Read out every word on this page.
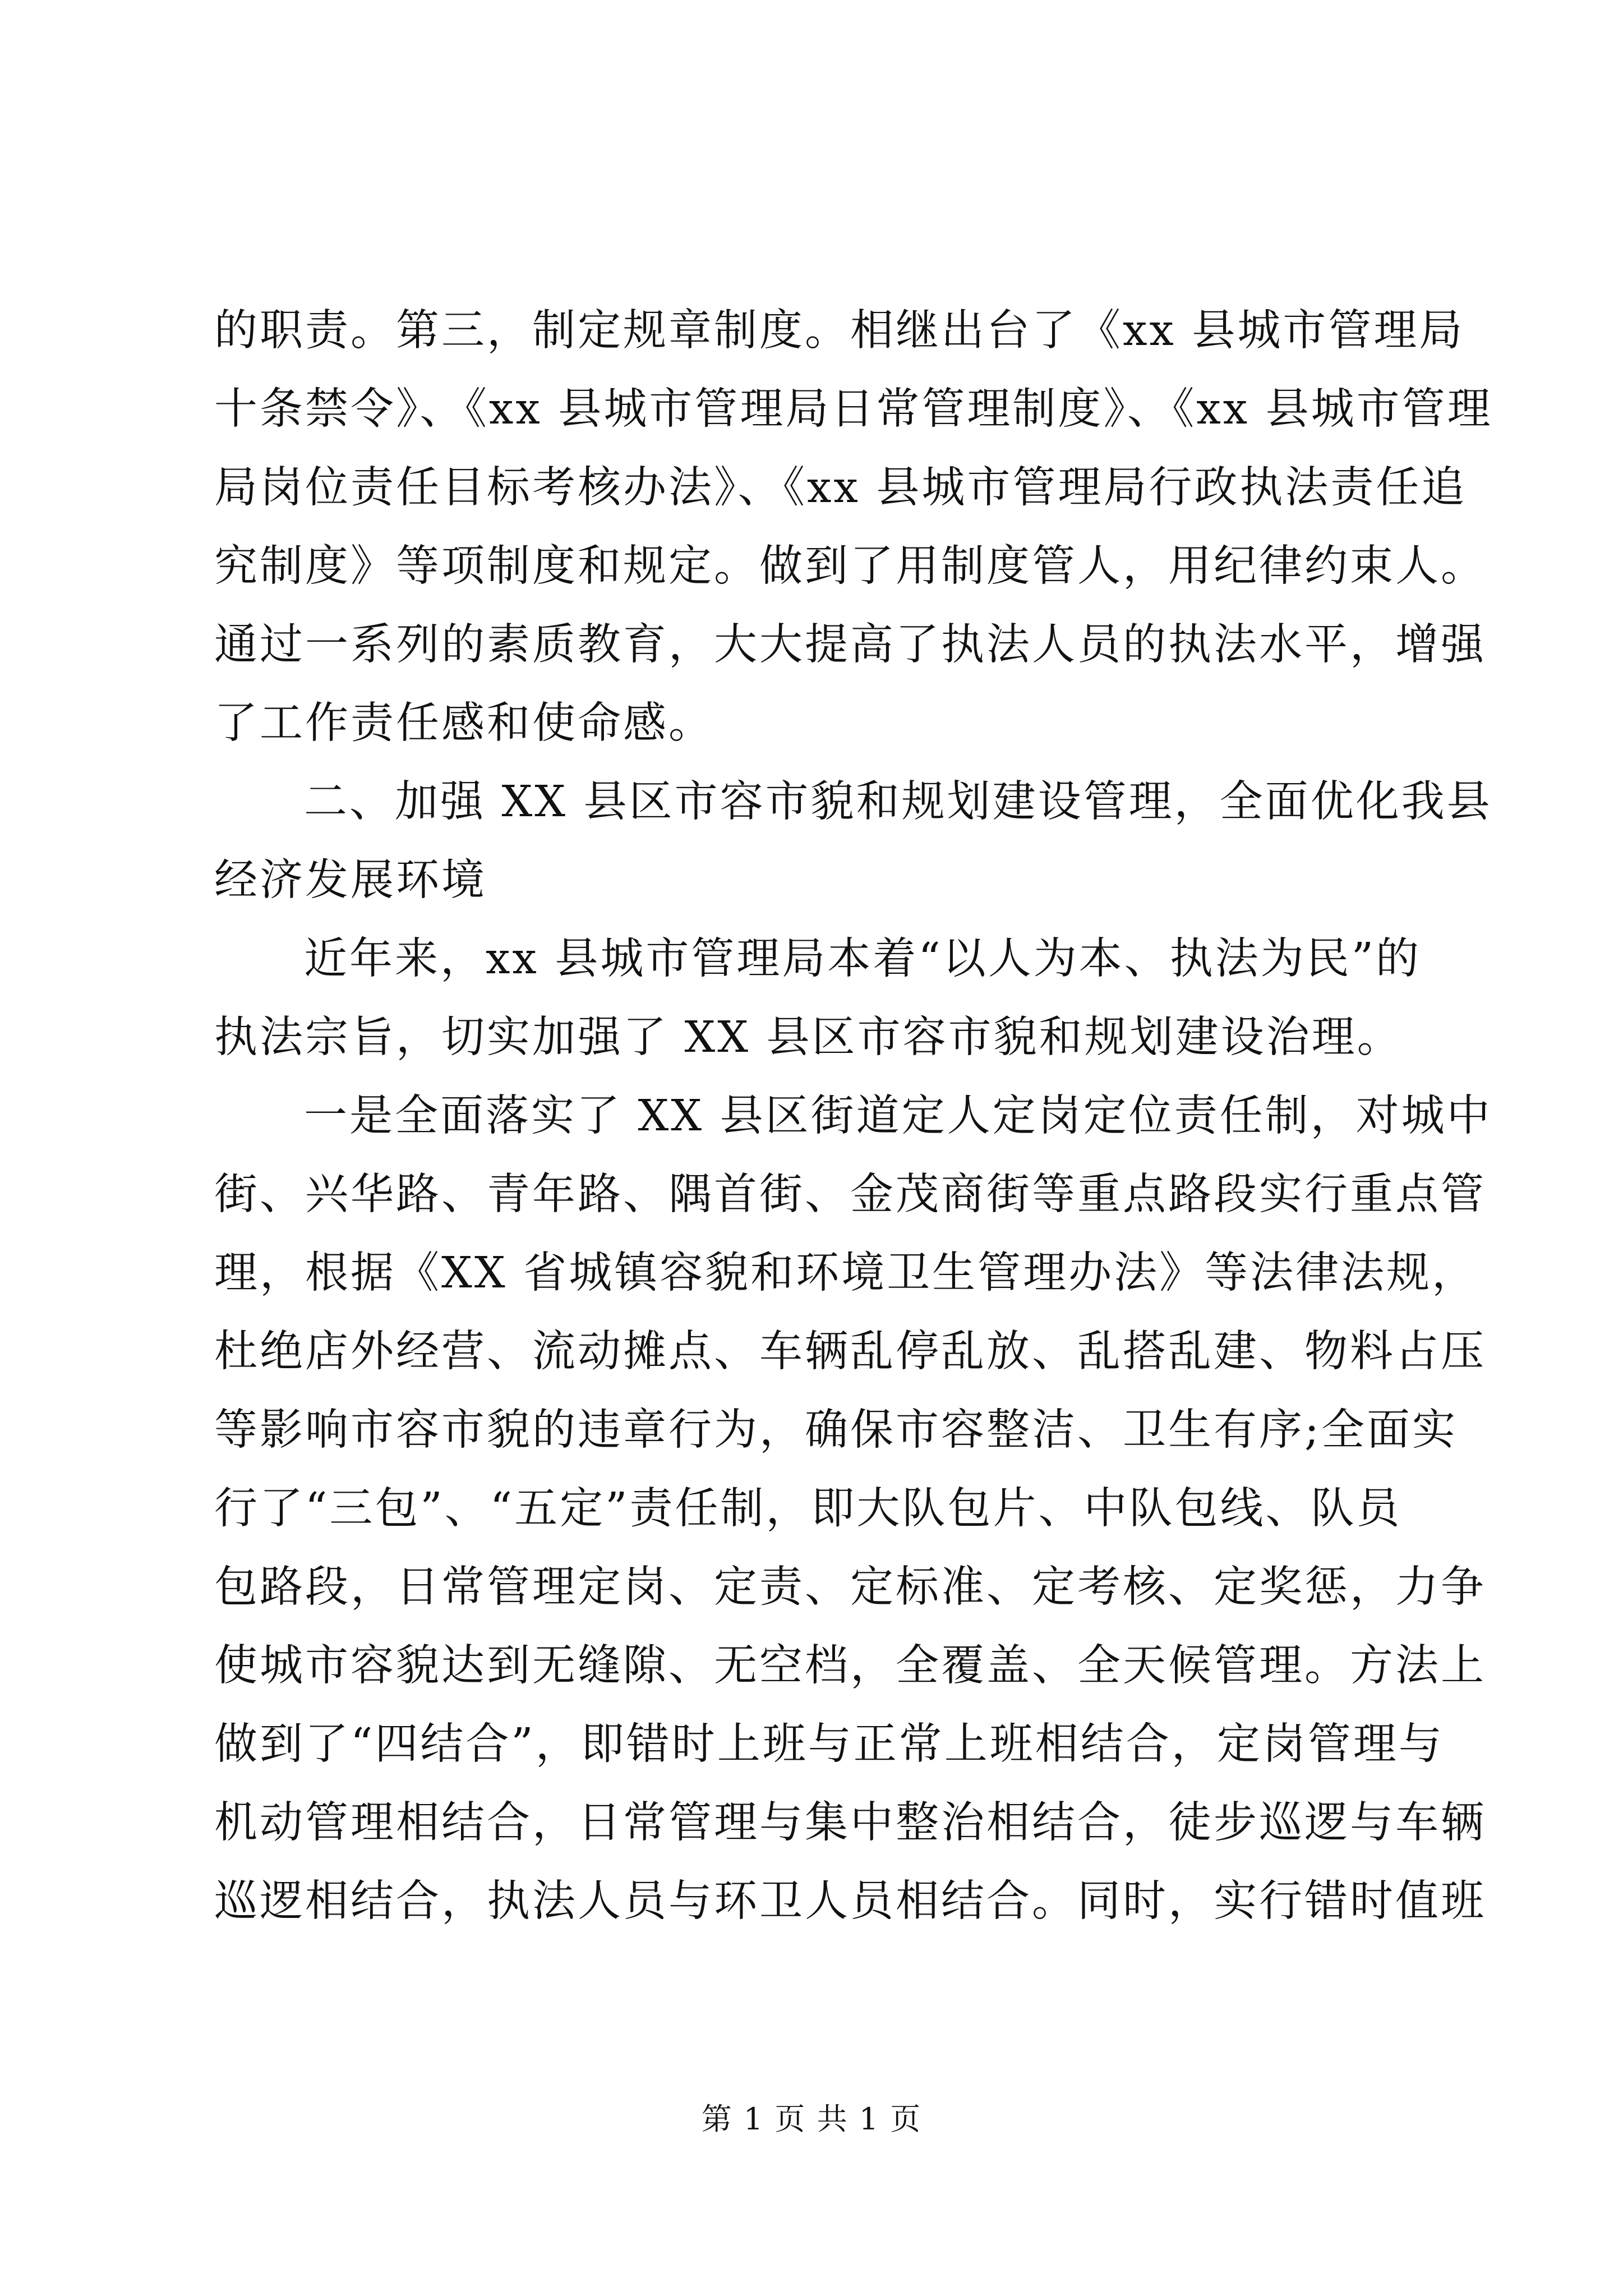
的职责。第三，制定规章制度。相继出台了《xx 县城市管理局
十条禁令》、《xx 县城市管理局日常管理制度》、《xx 县城市管理
局岗位责任目标考核办法》、《xx 县城市管理局行政执法责任追
究制度》等项制度和规定。做到了用制度管人，用纪律约束人。
通过一系列的素质教育，大大提高了执法人员的执法水平，增强
了工作责任感和使命感。
二、加强 XX 县区市容市貌和规划建设管理，全面优化我县
经济发展环境
近年来，xx 县城市管理局本着“以人为本、执法为民”的
执法宗旨，切实加强了 XX 县区市容市貌和规划建设治理。
一是全面落实了 XX 县区街道定人定岗定位责任制，对城中
街、兴华路、青年路、隅首街、金茂商街等重点路段实行重点管
理，根据《XX 省城镇容貌和环境卫生管理办法》等法律法规，
杜绝店外经营、流动摊点、车辆乱停乱放、乱搭乱建、物料占压
等影响市容市貌的违章行为，确保市容整洁、卫生有序;全面实
行了“三包”、“五定”责任制，即大队包片、中队包线、队员
包路段，日常管理定岗、定责、定标准、定考核、定奖惩，力争
使城市容貌达到无缝隙、无空档，全覆盖、全天候管理。方法上
做到了“四结合”，即错时上班与正常上班相结合，定岗管理与
机动管理相结合，日常管理与集中整治相结合，徒步巡逻与车辆
巡逻相结合，执法人员与环卫人员相结合。同时，实行错时值班
第 1 页 共 1 页
